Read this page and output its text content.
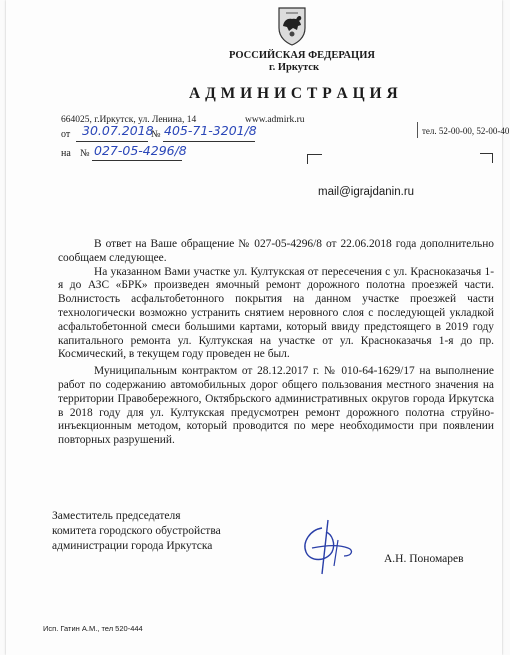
РОССИЙСКАЯ ФЕДЕРАЦИЯ
г. Иркутск
А Д М И Н И С Т Р А Ц И Я
664025, г.Иркутск, ул. Ленина, 14	www.admirk.ru
тел. 52-00-00, 52-00-40
от 30.07.2018
№ 405-71-3201/8
на № 027-05-4296/8
mail@igrajdanin.ru

В ответ на Ваше обращение № 027-05-4296/8 от 22.06.2018 года дополнительно сообщаем следующее.

На указанном Вами участке ул. Култукская от пересечения с ул. Красноказачья 1-я до АЗС «БРК» произведен ямочный ремонт дорожного полотна проезжей части. Волнистость асфальтобетонного покрытия на данном участке проезжей части технологически возможно устранить снятием неровного слоя с последующей укладкой асфальтобетонной смеси большими картами, который ввиду предстоящего в 2019 году капитального ремонта ул. Култукская на участке от ул. Красноказачья 1-я до пр. Космический, в текущем году проведен не был.

Муниципальным контрактом от 28.12.2017 г. № 010-64-1629/17 на выполнение работ по содержанию автомобильных дорог общего пользования местного значения на территории Правобережного, Октябрьского административных округов города Иркутска в 2018 году для ул. Култукская предусмотрен ремонт дорожного полотна струйно-инъекционным методом, который проводится по мере необходимости при появлении повторных разрушений.

Заместитель председателя
комитета городского обустройства
администрации города Иркутска
А.Н. Пономарев
Исп. Гатин А.М., тел 520-444
